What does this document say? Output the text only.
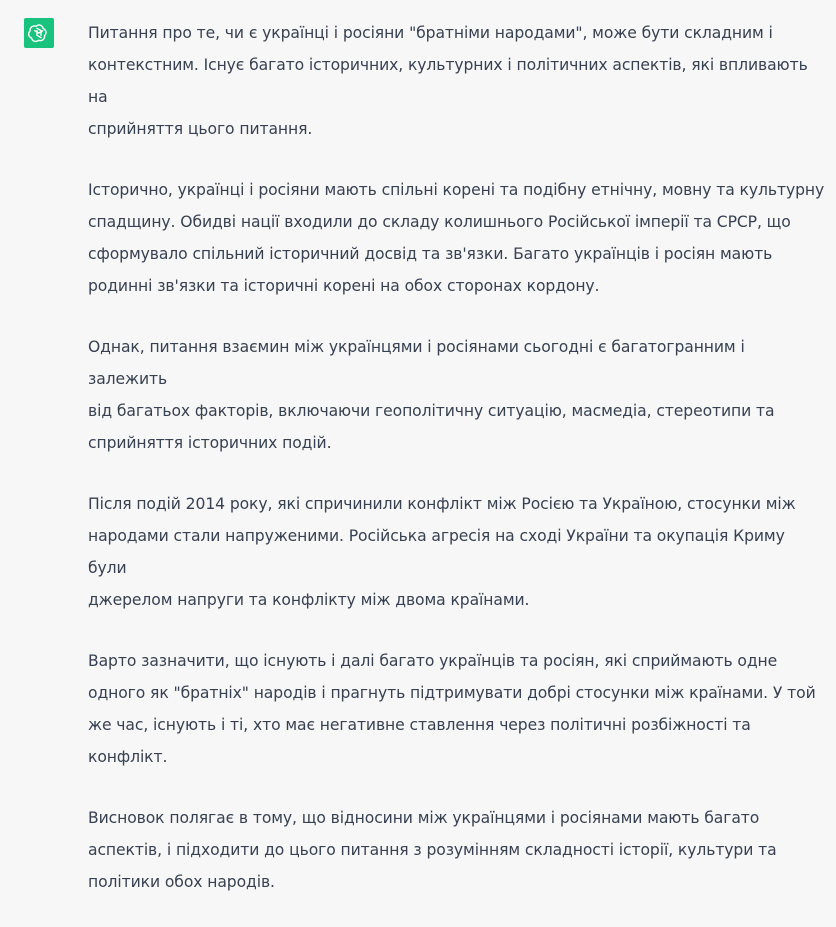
Питання про те, чи є українці і росіяни "братніми народами", може бути складним і
контекстним. Існує багато історичних, культурних і політичних аспектів, які впливають на
сприйняття цього питання.

Історично, українці і росіяни мають спільні корені та подібну етнічну, мовну та культурну
спадщину. Обидві нації входили до складу колишнього Російської імперії та СРСР, що
сформувало спільний історичний досвід та зв'язки. Багато українців і росіян мають
родинні зв'язки та історичні корені на обох сторонах кордону.

Однак, питання взаємин між українцями і росіянами сьогодні є багатогранним і залежить
від багатьох факторів, включаючи геополітичну ситуацію, масмедіа, стереотипи та
сприйняття історичних подій.

Після подій 2014 року, які спричинили конфлікт між Росією та Україною, стосунки між
народами стали напруженими. Російська агресія на сході України та окупація Криму були
джерелом напруги та конфлікту між двома країнами.

Варто зазначити, що існують і далі багато українців та росіян, які сприймають одне
одного як "братніх" народів і прагнуть підтримувати добрі стосунки між країнами. У той
же час, існують і ті, хто має негативне ставлення через політичні розбіжності та конфлікт.

Висновок полягає в тому, що відносини між українцями і росіянами мають багато
аспектів, і підходити до цього питання з розумінням складності історії, культури та
політики обох народів.
